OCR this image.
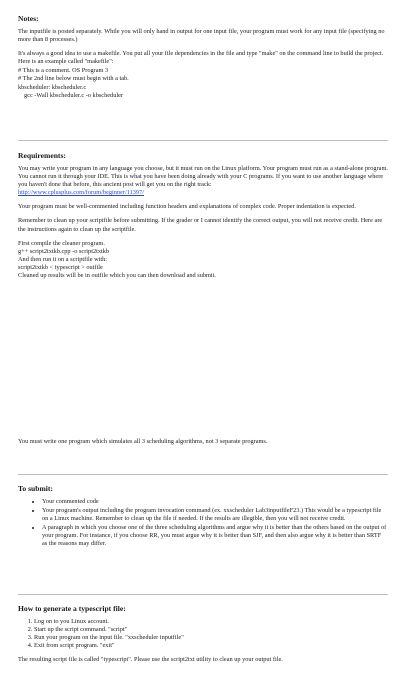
Notes:
The inputfile is posted separately. While you will only hand in output for one input file, your program must work for any input file (specifying no more than 8 processes.)
It's always a good idea to use a makefile. You put all your file dependencies in the file and type "make" on the command line to build the project. Here is an example called "makefile":
# This is a comment. OS Program 3
# The 2nd line below must begin with a tab.
kbscheduler: kbscheduler.c
gcc -Wall kbscheduler.c -o kbscheduler
Requirements:
You may write your program in any language you choose, but it must run on the Linux platform. Your program must run as a stand-alone program. You cannot run it through your IDE. This is what you have been doing already with your C programs. If you want to use another language where you haven't done that before, this ancient post will get you on the right track:
http://www.cplusplus.com/forum/beginner/11397/
Your program must be well-commented including function headers and explanations of complex code. Proper indentation is expected.
Remember to clean up your scriptfile before submitting. If the grader or I cannot identify the correct output, you will not receive credit. Here are the instructions again to clean up the scriptfile.
First compile the cleaner program.
g++ script2txtkb.cpp -o script2txtkb
And then run it on a scriptfile with:
script2txtkb < typescript > outfile
Cleaned up results will be in outfile which you can then download and submit.
You must write one program which simulates all 3 scheduling algorithms, not 3 separate programs.
To submit:
• Your commented code
• Your program's output including the program invocation command (ex. xxscheduler Lab3inputfileF23.) This would be a typescript file on a Linux machine. Remember to clean up the file if needed. If the results are illegible, then you will not receive credit.
• A paragraph in which you choose one of the three scheduling algorithms and argue why it is better than the others based on the output of your program. For instance, if you choose RR, you must argue why it is better than SJF, and then also argue why it is better than SRTF as the reasons may differ.
How to generate a typescript file:
1. Log on to you Linux account.
2. Start up the script command. "script"
3. Run your program on the input file. "xxscheduler inputfile"
4. Exit from script program. "exit"
The resulting script file is called "typescript". Please use the script2txt utility to clean up your output file.
